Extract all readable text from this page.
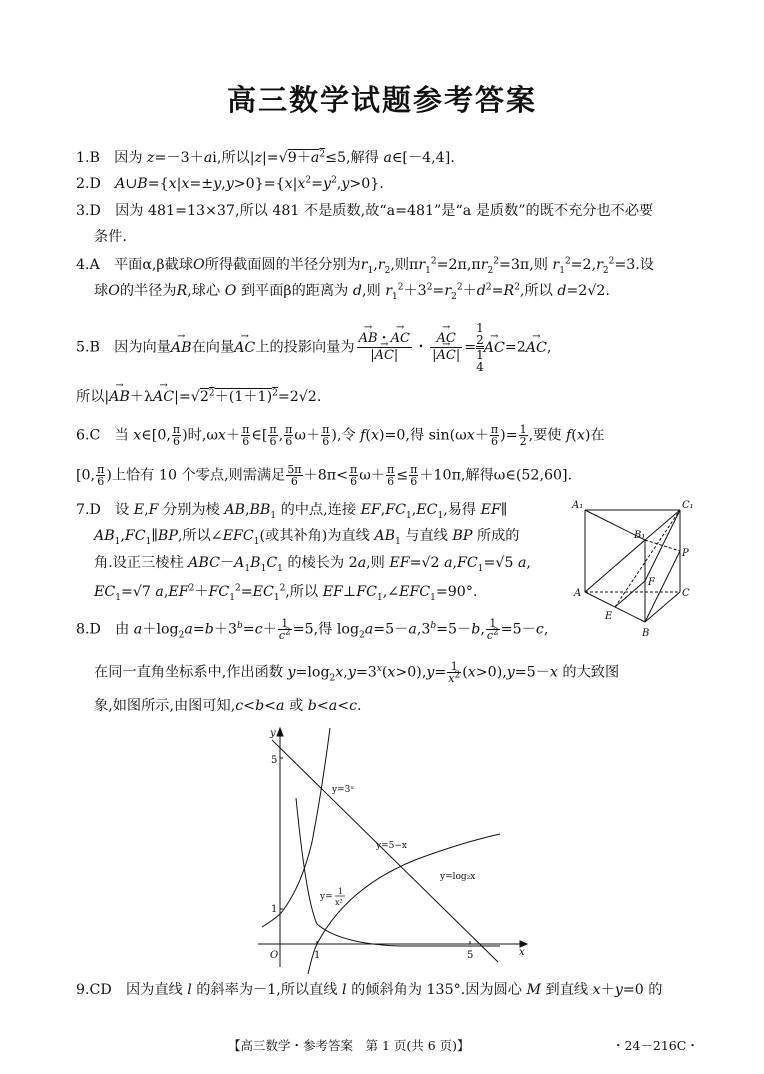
高三数学试题参考答案
1.B　因为 z=－3＋ai,所以$|z|=√9+a^2\le 5$,解得 a∈[－4,4].
2.D　$A\cup B=\{x|x=\pm y,y>0\}=\{x|x^2=y^2,y>0\}$.
3.D　因为 481=13×37,所以 481 不是质数,故“a=481”是“a 是质数”的既不充分也不必要
条件.
4.A　平面α,β截球O所得截面圆的半径分别为$r_1,r_2$,则$\pi r_1^2=2\pi,\pi r_2^2=3\pi$,则 $r_1^2=2,r_2^2=3$.设
球O的半径为R,球心 O 到平面β的距离为 d,则 $r_1^2+3^2=r_2^2+d^2=R^2$,所以 d=2√2.
5.B　因为向量→ AB在向量→ AC上的投影向量为 → $\frac{AB・\to AC}{|\to AC|}$ ・ → $\frac{AC}{|\to AC|}$ =
1
2
1
4
→ AC=2→ AC,
所以|→ $AB+\lambda\to AC|=√2^2+(1+1)^2=2√2$.
6.C　当 x∈[0, $\frac{\pi}{6}$ )时$,\omega x+ \frac{\pi}{6}$ ∈[ $\frac{\pi}{6}$ , $\frac{\pi}{6} \omega+ \frac{\pi}{6}$ ),令 f(x)=0,得 $\sin(\omega x+ \frac{\pi}{6}$ )= $\frac{1}{2}$ ,要使 f(x)在
[0, $\frac{\pi}{6}$ )上恰有 10 个零点,则需满足 $\frac{5\pi}{6} +8\pi< \frac{\pi}{6} \omega+ \frac{\pi}{6} \le \frac{\pi}{6} +10\pi$,解得ω∈(52,60].
7.D　设 E,F 分别为棱 $AB,BB_1$ 的中点,连接 $EF,FC_1,EC_1$,易得 EF∥
$AB_1,FC_1\parallel BP$,所以$\angle EFC_1$(或其补角)为直线 $AB_1$ 与直线 BP 所成的
角.设正三棱柱 $ABC-A_1B_1C_1$ 的棱长为 2a,则 EF=√2 $a,FC_1=√5$ a,
$EC_1=√7$ $a,EF^2+FC_1^2=EC_1^2$,所以 $EF\perp FC_1,\angle EFC_1=90^\circ$.
A₁	C₁
B₁
P
F
A	C
E
B
8.D　由 $a+\log_2a=b+3^b=c+ \frac{1}{c^2} =5$,得 $\log_2a=5-a,3^b=5-b$, $\frac{1}{c^2} =5-c$,
在同一直角坐标系中,作出函数 $y=\log_2x,y=3^x(x>0),y= \frac{1}{x^2} (x>0),y=5-x$ 的大致图
象,如图所示,由图可知,c<b<a 或 b<a<c.
y
x
O
5
1
1	5
y=3ˣ
y=5−x
y=log₂x
y=
1
x²
9.CD　因为直线 l 的斜率为－1,所以直线 l 的倾斜角为 135°.因为圆心 M 到直线 x＋y=0 的
【高三数学・参考答案　第 1 页(共 6 页)】	・24－216C・
